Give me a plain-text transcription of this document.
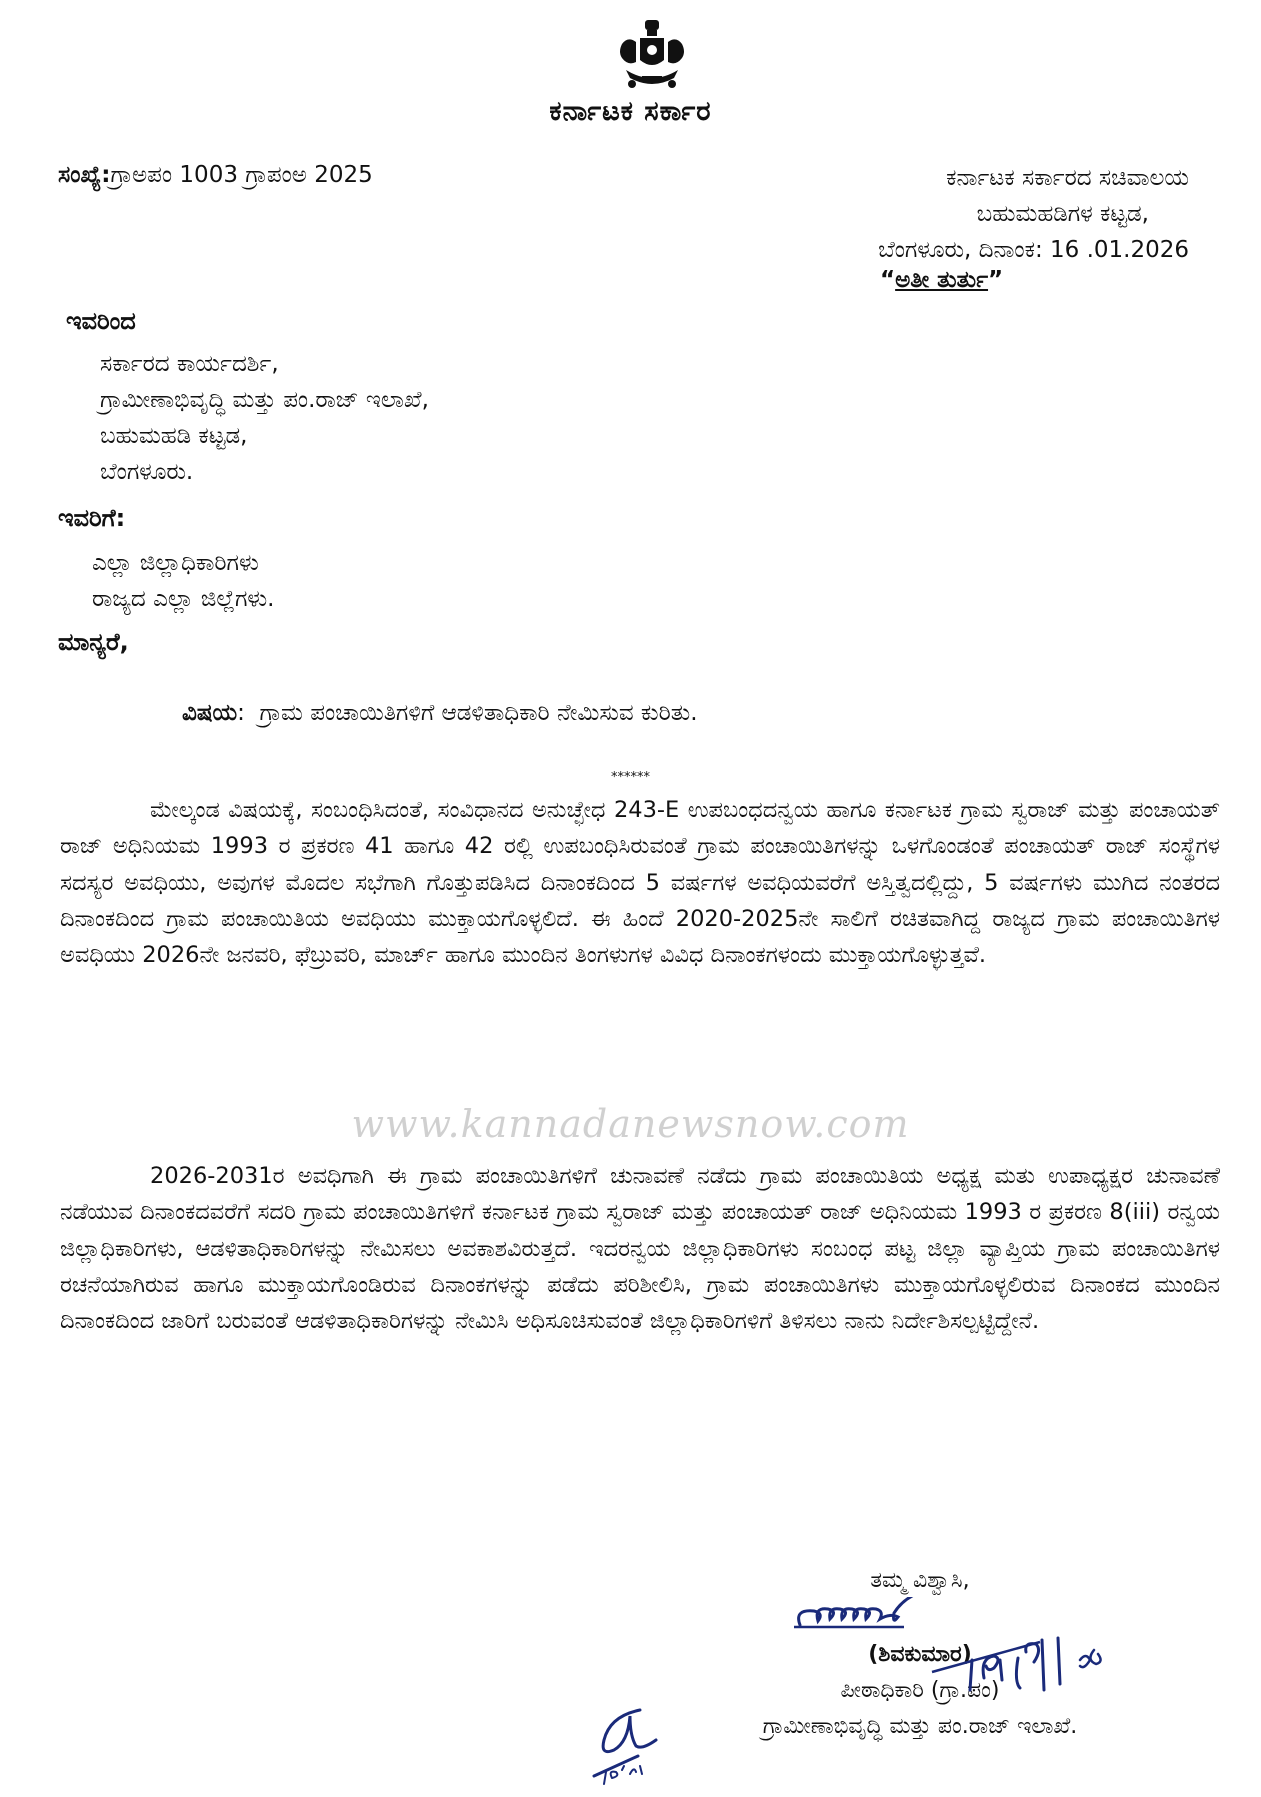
ಕರ್ನಾಟಕ ಸರ್ಕಾರ
ಸಂಖ್ಯೆ:ಗ್ರಾಅಪಂ 1003 ಗ್ರಾಪಂಅ 2025	ಕರ್ನಾಟಕ ಸರ್ಕಾರದ ಸಚಿವಾಲಯ
ಬಹುಮಹಡಿಗಳ ಕಟ್ಟಡ,
ಬೆಂಗಳೂರು, ದಿನಾಂಕ: 16 .01.2026
“ಅತೀ ತುರ್ತು”
ಇವರಿಂದ
ಸರ್ಕಾರದ ಕಾರ್ಯದರ್ಶಿ,
ಗ್ರಾಮೀಣಾಭಿವೃದ್ಧಿ ಮತ್ತು ಪಂ.ರಾಜ್ ಇಲಾಖೆ,
ಬಹುಮಹಡಿ ಕಟ್ಟಡ,
ಬೆಂಗಳೂರು.
ಇವರಿಗೆ:
ಎಲ್ಲಾ ಜಿಲ್ಲಾಧಿಕಾರಿಗಳು
ರಾಜ್ಯದ ಎಲ್ಲಾ ಜಿಲ್ಲೆಗಳು.
ಮಾನ್ಯರೆ,
ವಿಷಯ: ಗ್ರಾಮ ಪಂಚಾಯಿತಿಗಳಿಗೆ ಆಡಳಿತಾಧಿಕಾರಿ ನೇಮಿಸುವ ಕುರಿತು.
******

ಮೇಲ್ಕಂಡ ವಿಷಯಕ್ಕೆ, ಸಂಬಂಧಿಸಿದಂತೆ, ಸಂವಿಧಾನದ ಅನುಚ್ಛೇಧ 243-E ಉಪಬಂಧದನ್ವಯ ಹಾಗೂ ಕರ್ನಾಟಕ ಗ್ರಾಮ ಸ್ವರಾಜ್ ಮತ್ತು ಪಂಚಾಯತ್ ರಾಜ್ ಅಧಿನಿಯಮ 1993 ರ ಪ್ರಕರಣ 41 ಹಾಗೂ 42 ರಲ್ಲಿ ಉಪಬಂಧಿಸಿರುವಂತೆ ಗ್ರಾಮ ಪಂಚಾಯಿತಿಗಳನ್ನು ಒಳಗೊಂಡಂತೆ ಪಂಚಾಯತ್ ರಾಜ್ ಸಂಸ್ಥೆಗಳ ಸದಸ್ಯರ ಅವಧಿಯು, ಅವುಗಳ ಮೊದಲ ಸಭೆಗಾಗಿ ಗೊತ್ತುಪಡಿಸಿದ ದಿನಾಂಕದಿಂದ 5 ವರ್ಷಗಳ ಅವಧಿಯವರೆಗೆ ಅಸ್ತಿತ್ವದಲ್ಲಿದ್ದು, 5 ವರ್ಷಗಳು ಮುಗಿದ ನಂತರದ ದಿನಾಂಕದಿಂದ ಗ್ರಾಮ ಪಂಚಾಯಿತಿಯ ಅವಧಿಯು ಮುಕ್ತಾಯಗೊಳ್ಳಲಿದೆ. ಈ ಹಿಂದೆ 2020-2025ನೇ ಸಾಲಿಗೆ ರಚಿತವಾಗಿದ್ದ ರಾಜ್ಯದ ಗ್ರಾಮ ಪಂಚಾಯಿತಿಗಳ ಅವಧಿಯು 2026ನೇ ಜನವರಿ, ಫೆಬ್ರುವರಿ, ಮಾರ್ಚ್ ಹಾಗೂ ಮುಂದಿನ ತಿಂಗಳುಗಳ ವಿವಿಧ ದಿನಾಂಕಗಳಂದು ಮುಕ್ತಾಯಗೊಳ್ಳುತ್ತವೆ.

www.kannadanewsnow.com

2026-2031ರ ಅವಧಿಗಾಗಿ ಈ ಗ್ರಾಮ ಪಂಚಾಯಿತಿಗಳಿಗೆ ಚುನಾವಣೆ ನಡೆದು ಗ್ರಾಮ ಪಂಚಾಯಿತಿಯ ಅಧ್ಯಕ್ಷ ಮತು ಉಪಾಧ್ಯಕ್ಷರ ಚುನಾವಣೆ ನಡೆಯುವ ದಿನಾಂಕದವರೆಗೆ ಸದರಿ ಗ್ರಾಮ ಪಂಚಾಯಿತಿಗಳಿಗೆ ಕರ್ನಾಟಕ ಗ್ರಾಮ ಸ್ವರಾಜ್ ಮತ್ತು ಪಂಚಾಯತ್ ರಾಜ್ ಅಧಿನಿಯಮ 1993 ರ ಪ್ರಕರಣ 8(iii) ರನ್ವಯ ಜಿಲ್ಲಾಧಿಕಾರಿಗಳು, ಆಡಳಿತಾಧಿಕಾರಿಗಳನ್ನು ನೇಮಿಸಲು ಅವಕಾಶವಿರುತ್ತದೆ. ಇದರನ್ವಯ ಜಿಲ್ಲಾಧಿಕಾರಿಗಳು ಸಂಬಂಧ ಪಟ್ಟ ಜಿಲ್ಲಾ ವ್ಯಾಪ್ತಿಯ ಗ್ರಾಮ ಪಂಚಾಯಿತಿಗಳ ರಚನೆಯಾಗಿರುವ ಹಾಗೂ ಮುಕ್ತಾಯಗೊಂಡಿರುವ ದಿನಾಂಕಗಳನ್ನು ಪಡೆದು ಪರಿಶೀಲಿಸಿ, ಗ್ರಾಮ ಪಂಚಾಯಿತಿಗಳು ಮುಕ್ತಾಯಗೊಳ್ಳಲಿರುವ ದಿನಾಂಕದ ಮುಂದಿನ ದಿನಾಂಕದಿಂದ ಜಾರಿಗೆ ಬರುವಂತೆ ಆಡಳಿತಾಧಿಕಾರಿಗಳನ್ನು ನೇಮಿಸಿ ಅಧಿಸೂಚಿಸುವಂತೆ ಜಿಲ್ಲಾಧಿಕಾರಿಗಳಿಗೆ ತಿಳಿಸಲು ನಾನು ನಿರ್ದೇಶಿಸಲ್ಪಟ್ಟಿದ್ದೇನೆ.

ತಮ್ಮ ವಿಶ್ವಾಸಿ,
(ಶಿವಕುಮಾರ)
ಪೀಠಾಧಿಕಾರಿ (ಗ್ರಾ.ಪಂ)
ಗ್ರಾಮೀಣಾಭಿವೃದ್ಧಿ ಮತ್ತು ಪಂ.ರಾಜ್ ಇಲಾಖೆ.
